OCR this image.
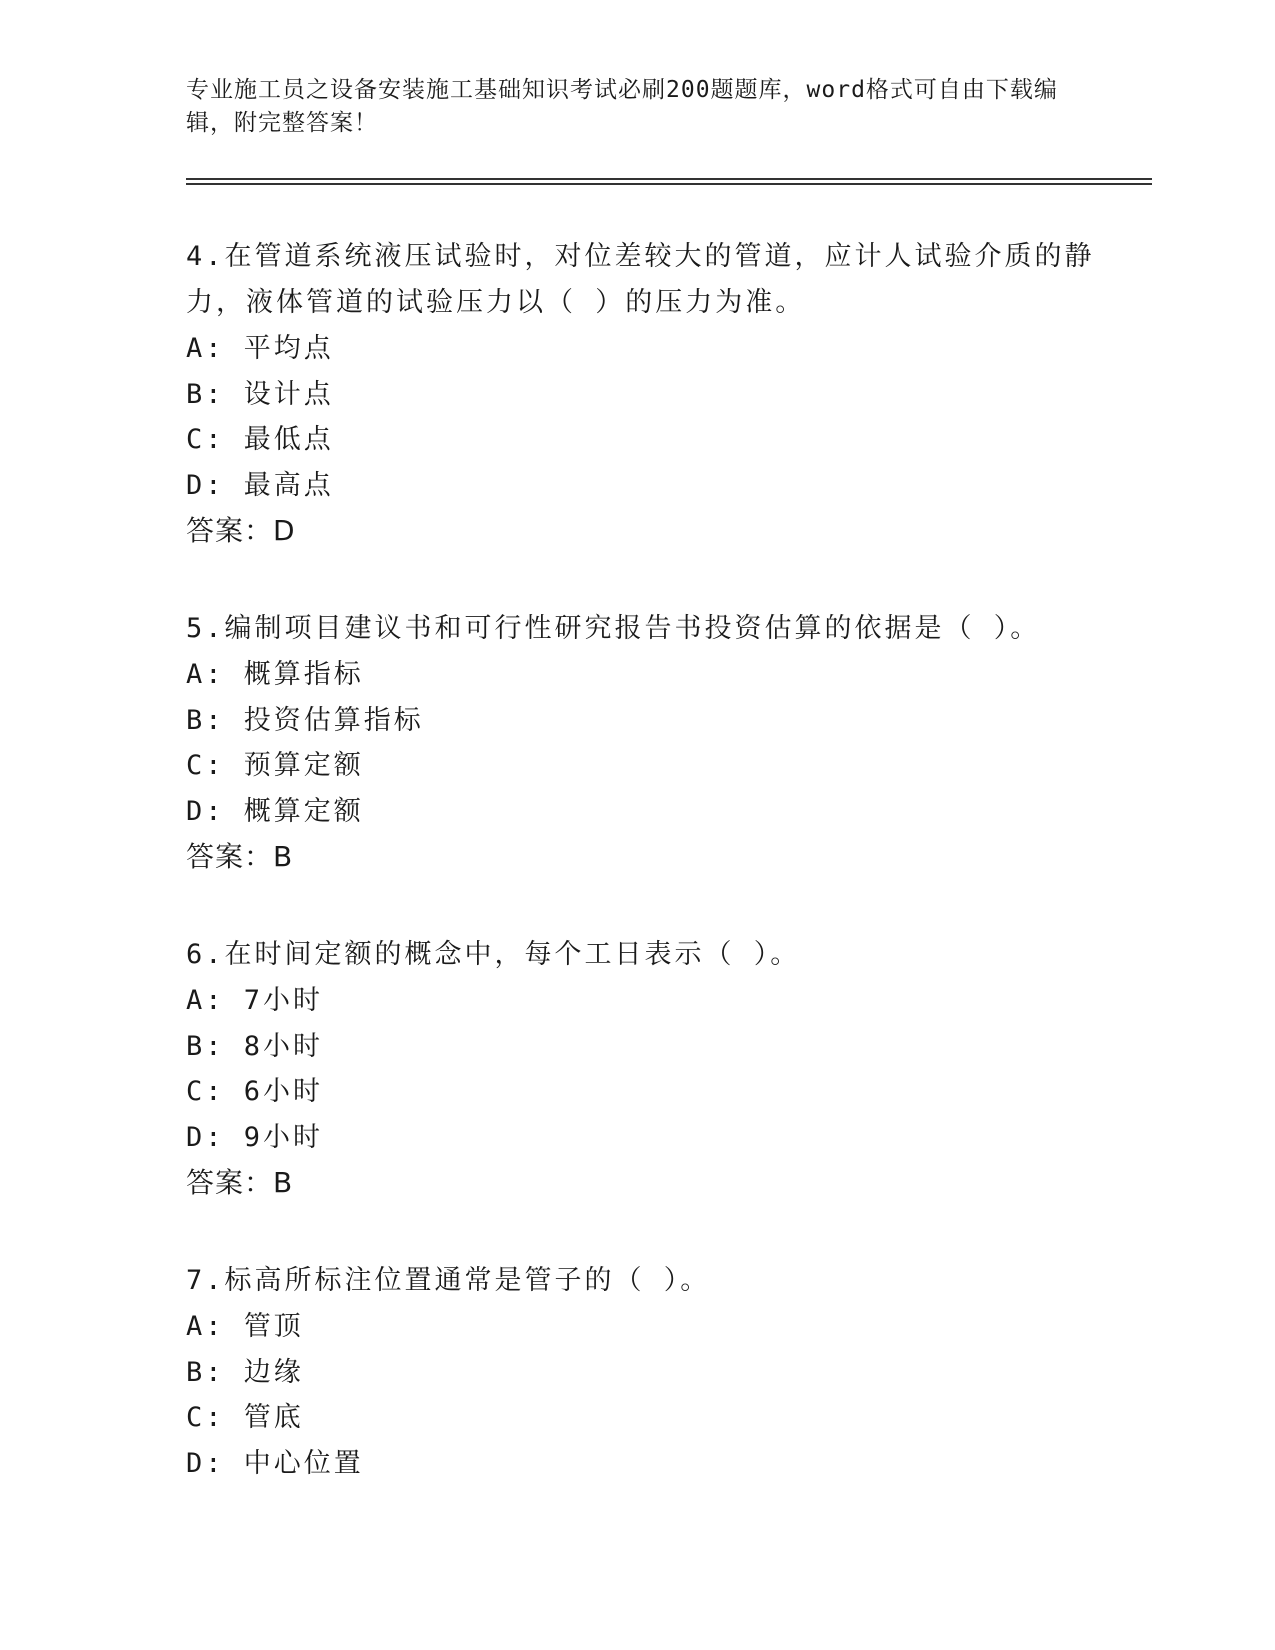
专业施工员之设备安装施工基础知识考试必刷200题题库，word格式可自由下载编辑，附完整答案！

4.在管道系统液压试验时，对位差较大的管道，应计人试验介质的静力，液体管道的试验压力以（ ）的压力为准。

A: 平均点

B: 设计点

C: 最低点

D: 最高点

答案：D

5.编制项目建议书和可行性研究报告书投资估算的依据是（ ）。

A: 概算指标

B: 投资估算指标

C: 预算定额

D: 概算定额

答案：B

6.在时间定额的概念中，每个工日表示（ ）。

A: 7小时

B: 8小时

C: 6小时

D: 9小时

答案：B

7.标高所标注位置通常是管子的（ ）。

A: 管顶

B: 边缘

C: 管底

D: 中心位置
